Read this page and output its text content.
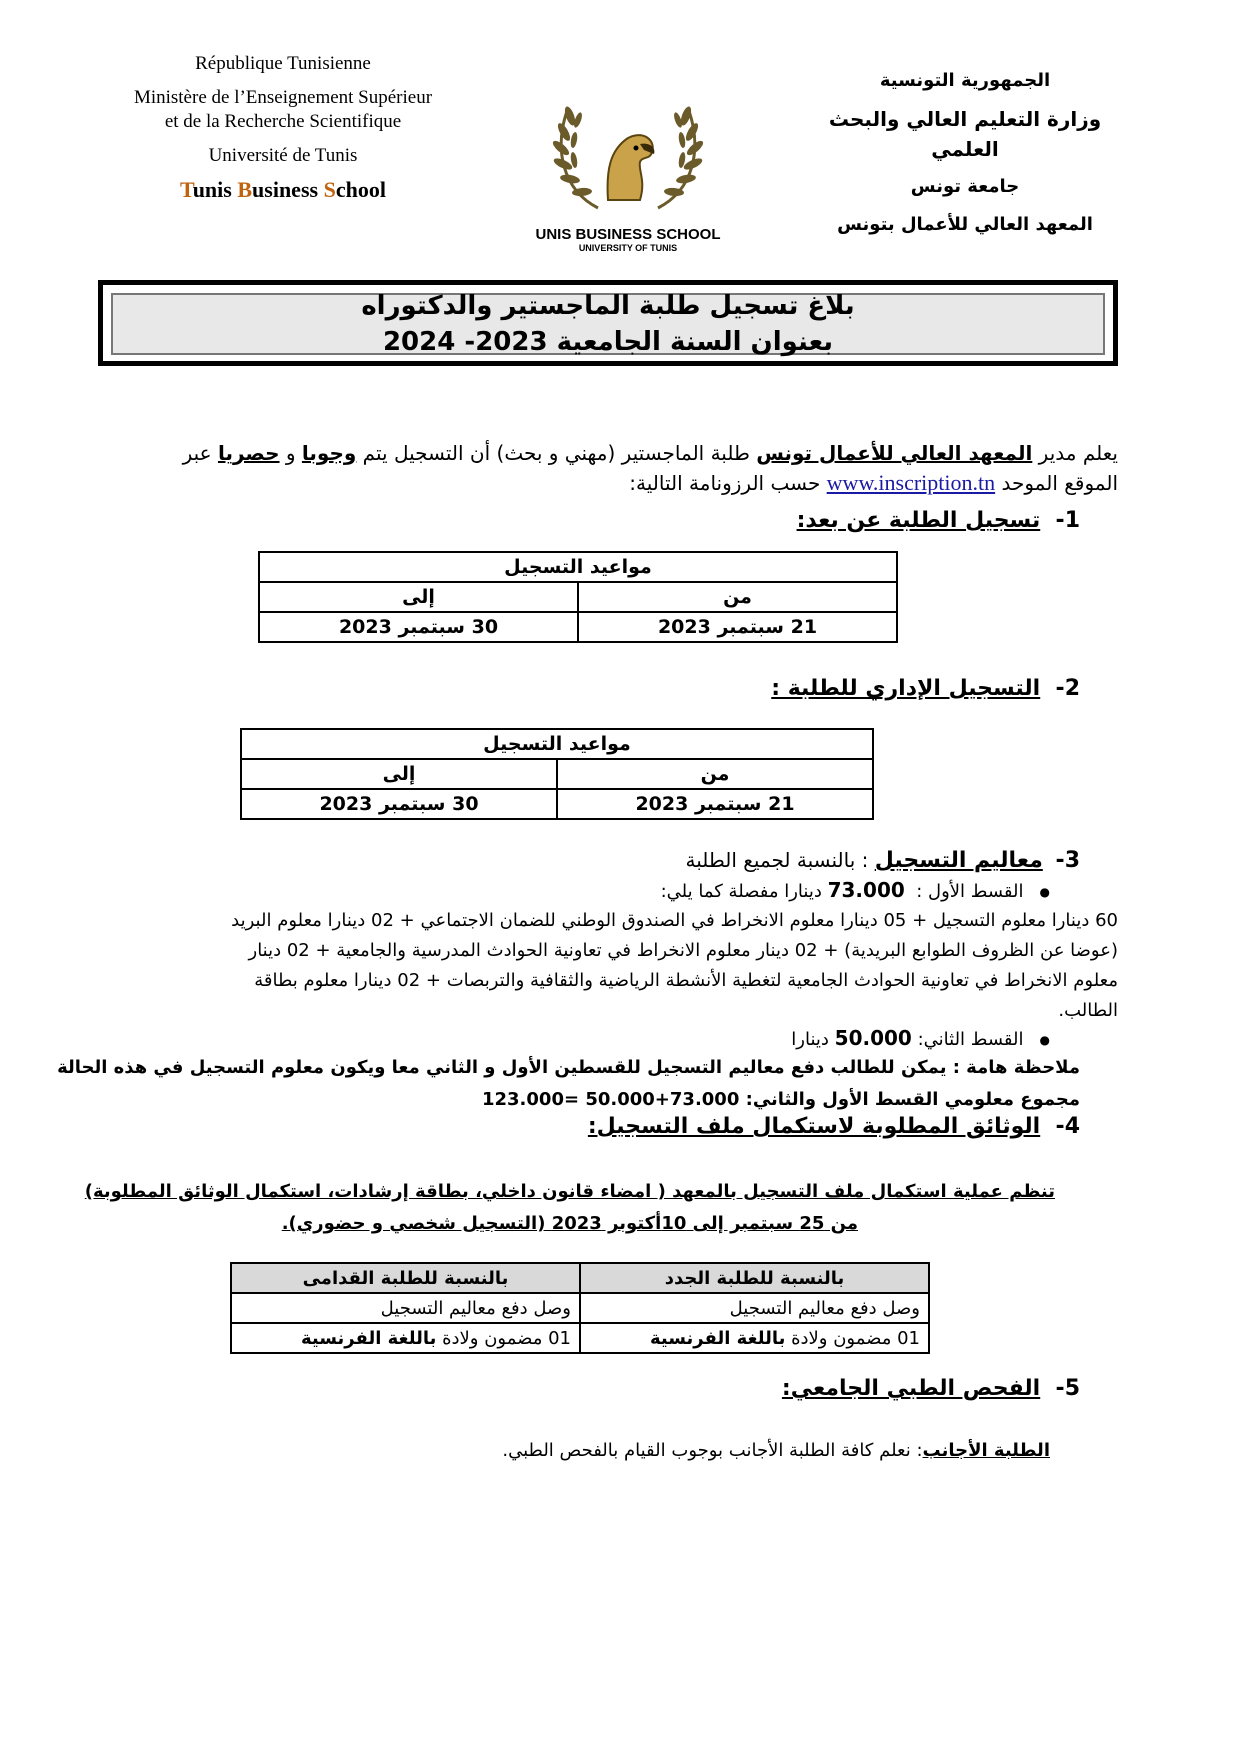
République Tunisienne
Ministère de l’Enseignement Supérieur
et de la Recherche Scientifique
Université de Tunis
Tunis Business School
UNIS BUSINESS SCHOOL
UNIVERSITY OF TUNIS
الجمهورية التونسية
وزارة التعليم العالي والبحث العلمي
جامعة تونس
المعهد العالي للأعمال بتونس
بلاغ تسجيل طلبة الماجستير والدكتوراه
بعنوان السنة الجامعية 2023- 2024
يعلم مدير المعهد العالي للأعمال تونس طلبة الماجستير (مهني و بحث) أن التسجيل يتم وجوبا و حصريا عبر
الموقع الموحد www.inscription.tn حسب الرزونامة التالية:
1-  تسجيل الطلبة عن بعد:
مواعيد التسجيل	
من	إلى
21 سبتمبر 2023	30 سبتمبر 2023
2-  التسجيل الإداري للطلبة :
مواعيد التسجيل	
من	إلى
21 سبتمبر 2023	30 سبتمبر 2023
3-  معاليم التسجيل : بالنسبة لجميع الطلبة
● القسط الأول :  73.000 دينارا مفصلة كما يلي:
60 دينارا معلوم التسجيل + 05 دينارا معلوم الانخراط في الصندوق الوطني للضمان الاجتماعي + 02 دينارا معلوم البريد
(عوضا عن الظروف الطوابع البريدية) + 02 دينار معلوم الانخراط في تعاونية الحوادث المدرسية والجامعية + 02 دينار
معلوم الانخراط في تعاونية الحوادث الجامعية لتغطية الأنشطة الرياضية والثقافية والتربصات + 02 دينارا معلوم بطاقة
الطالب.
● القسط الثاني: 50.000 دينارا
ملاحظة هامة : يمكن للطالب دفع معاليم التسجيل للقسطين الأول و الثاني معا ويكون معلوم التسجيل في هذه الحالة
مجموع معلومي القسط الأول والثاني: 73.000+50.000 =123.000
4-  الوثائق المطلوبة لاستكمال ملف التسجيل:
تنظم عملية استكمال ملف التسجيل بالمعهد ( امضاء قانون داخلي، بطاقة إرشادات، استكمال الوثائق المطلوبة)
من 25 سبتمبر إلى 10أكتوبر 2023 (التسجيل شخصي و حضوري).
بالنسبة للطلبة الجدد	بالنسبة للطلبة القدامى
وصل دفع معاليم التسجيل	وصل دفع معاليم التسجيل
01 مضمون ولادة باللغة الفرنسية	01 مضمون ولادة باللغة الفرنسية
5-  الفحص الطبي الجامعي:
الطلبة الأجانب: نعلم كافة الطلبة الأجانب بوجوب القيام بالفحص الطبي.
